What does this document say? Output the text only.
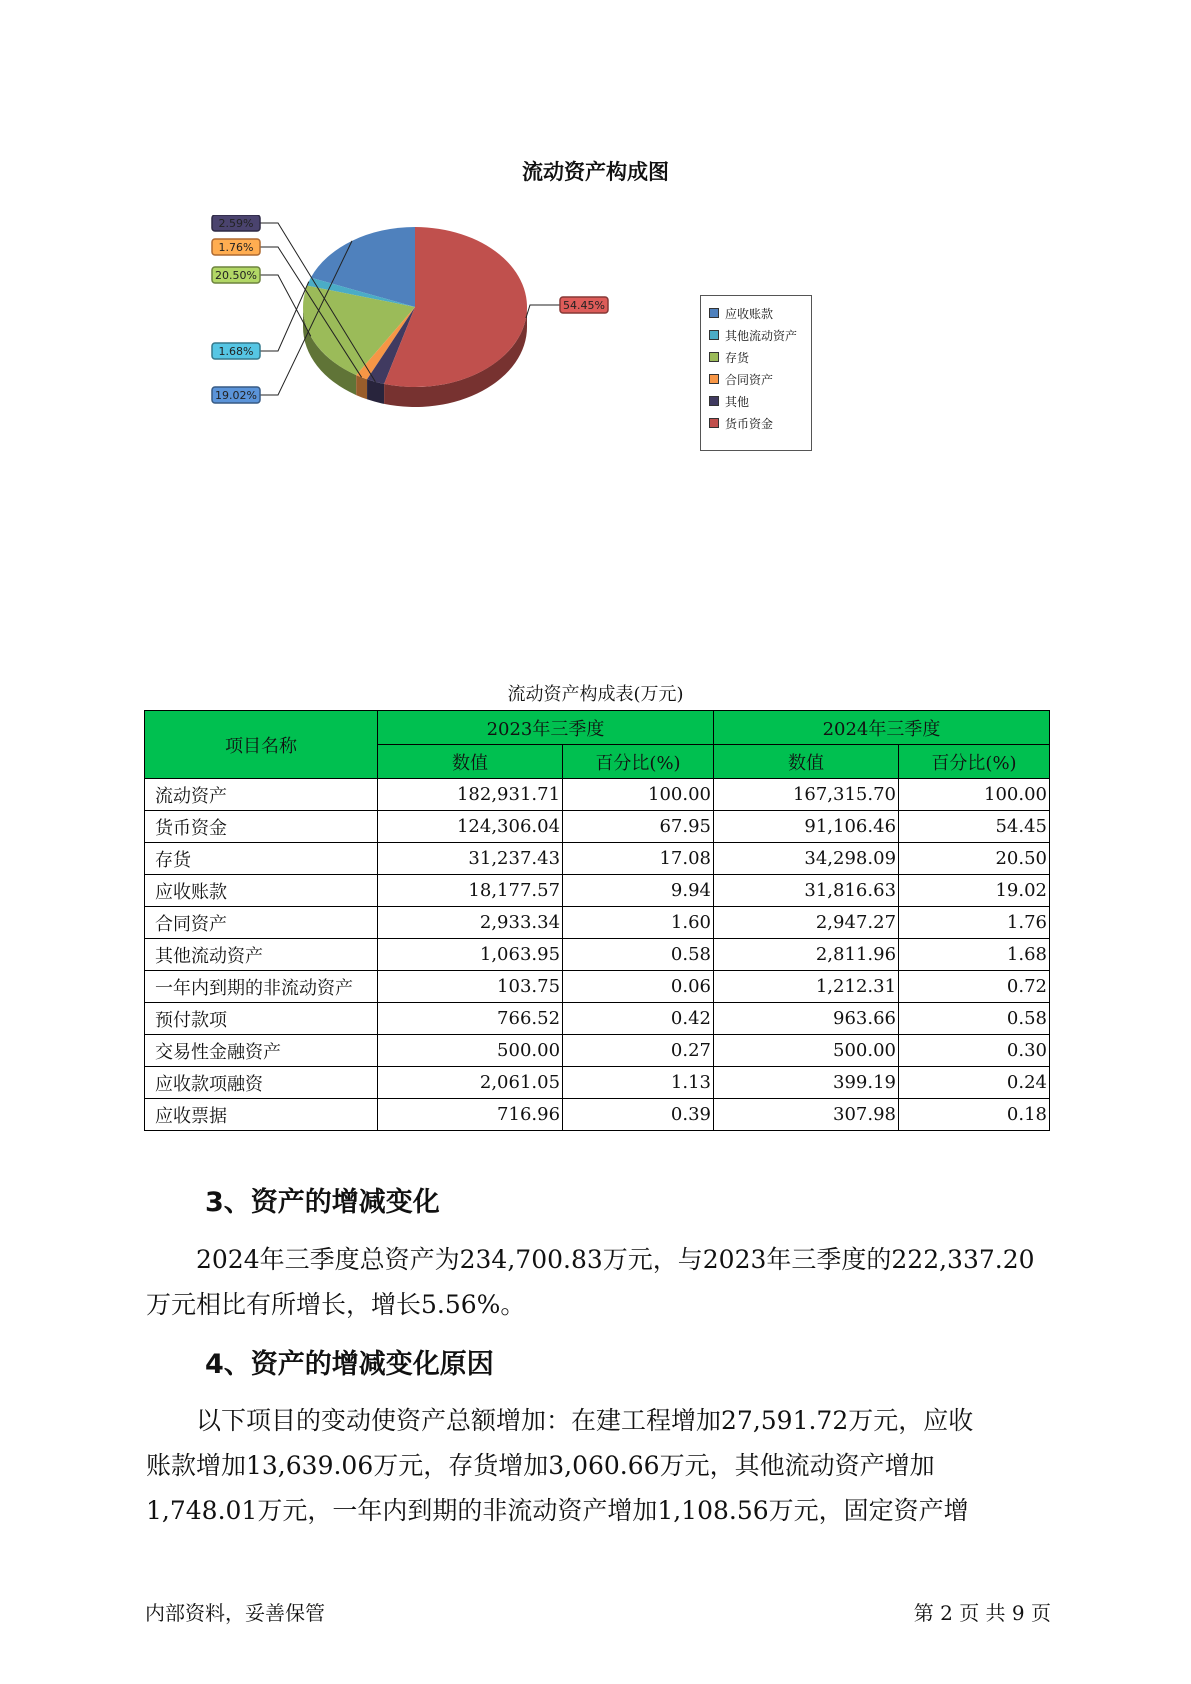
流动资产构成图
19.02%
1.68%
20.50%
1.76%
2.59%
54.45%
应收账款
其他流动资产
存货
合同资产
其他
货币资金
流动资产构成表(万元)
项目名称	2023年三季度		2024年三季度	
	数值	百分比(%)	数值	百分比(%)
流动资产	182,931.71	100.00	167,315.70	100.00
货币资金	124,306.04	67.95	91,106.46	54.45
存货	31,237.43	17.08	34,298.09	20.50
应收账款	18,177.57	9.94	31,816.63	19.02
合同资产	2,933.34	1.60	2,947.27	1.76
其他流动资产	1,063.95	0.58	2,811.96	1.68
一年内到期的非流动资产	103.75	0.06	1,212.31	0.72
预付款项	766.52	0.42	963.66	0.58
交易性金融资产	500.00	0.27	500.00	0.30
应收款项融资	2,061.05	1.13	399.19	0.24
应收票据	716.96	0.39	307.98	0.18
3、资产的增减变化

　　2024年三季度总资产为234,700.83万元，与2023年三季度的222,337.20

万元相比有所增长，增长5.56%。

4、资产的增减变化原因

　　以下项目的变动使资产总额增加：在建工程增加27,591.72万元，应收

账款增加13,639.06万元，存货增加3,060.66万元，其他流动资产增加

1,748.01万元，一年内到期的非流动资产增加1,108.56万元，固定资产增

内部资料，妥善保管	第 2 页 共 9 页
